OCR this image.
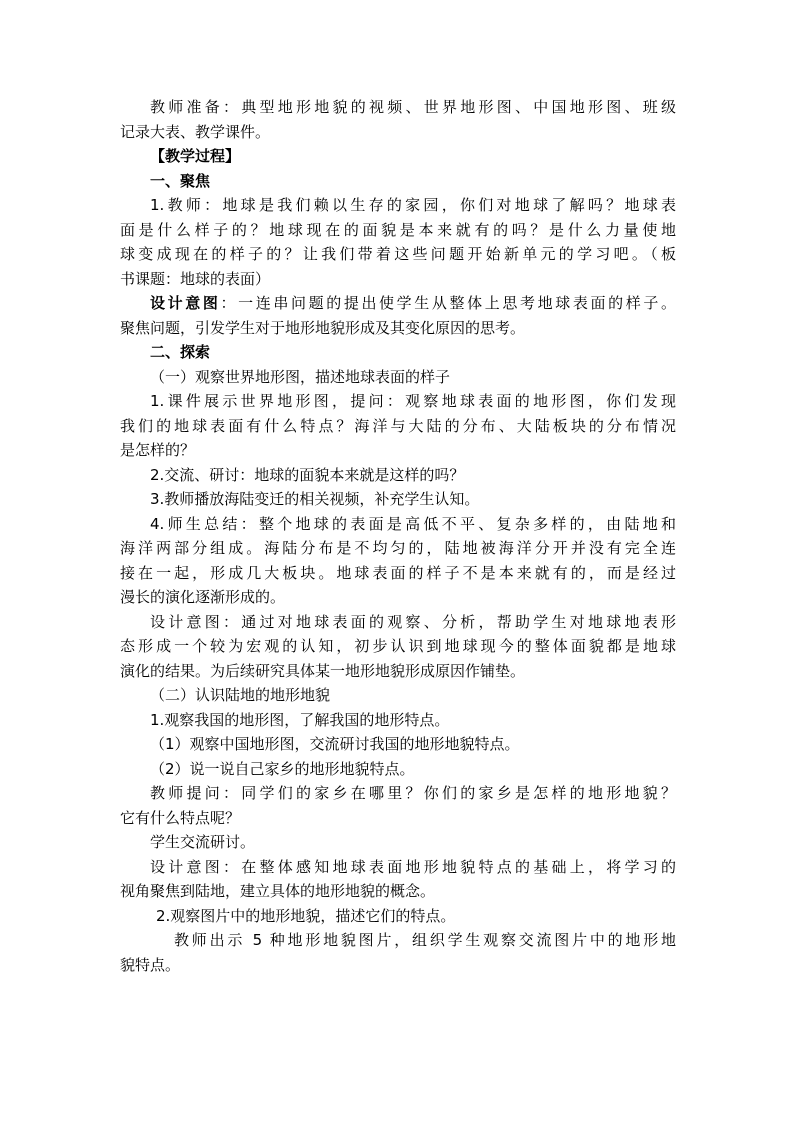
教师准备：典型地形地貌的视频、世界地形图、中国地形图、班级
记录大表、教学课件。
【教学过程】
一、聚焦
1.教师：地球是我们赖以生存的家园，你们对地球了解吗？地球表
面是什么样子的？地球现在的面貌是本来就有的吗？是什么力量使地
球变成现在的样子的？让我们带着这些问题开始新单元的学习吧。（板
书课题：地球的表面）
设计意图：一连串问题的提出使学生从整体上思考地球表面的样子。
聚焦问题，引发学生对于地形地貌形成及其变化原因的思考。
二、探索
（一）观察世界地形图，描述地球表面的样子
1.课件展示世界地形图，提问：观察地球表面的地形图，你们发现
我们的地球表面有什么特点？海洋与大陆的分布、大陆板块的分布情况
是怎样的？
2.交流、研讨：地球的面貌本来就是这样的吗？
3.教师播放海陆变迁的相关视频，补充学生认知。
4.师生总结：整个地球的表面是高低不平、复杂多样的，由陆地和
海洋两部分组成。海陆分布是不均匀的，陆地被海洋分开并没有完全连
接在一起，形成几大板块。地球表面的样子不是本来就有的，而是经过
漫长的演化逐渐形成的。
设计意图：通过对地球表面的观察、分析，帮助学生对地球地表形
态形成一个较为宏观的认知，初步认识到地球现今的整体面貌都是地球
演化的结果。为后续研究具体某一地形地貌形成原因作铺垫。
（二）认识陆地的地形地貌
1.观察我国的地形图，了解我国的地形特点。
（1）观察中国地形图，交流研讨我国的地形地貌特点。
（2）说一说自己家乡的地形地貌特点。
教师提问：同学们的家乡在哪里？你们的家乡是怎样的地形地貌？
它有什么特点呢？
学生交流研讨。
设计意图：在整体感知地球表面地形地貌特点的基础上，将学习的
视角聚焦到陆地，建立具体的地形地貌的概念。
2.观察图片中的地形地貌，描述它们的特点。
教师出示 5 种地形地貌图片，组织学生观察交流图片中的地形地
貌特点。
